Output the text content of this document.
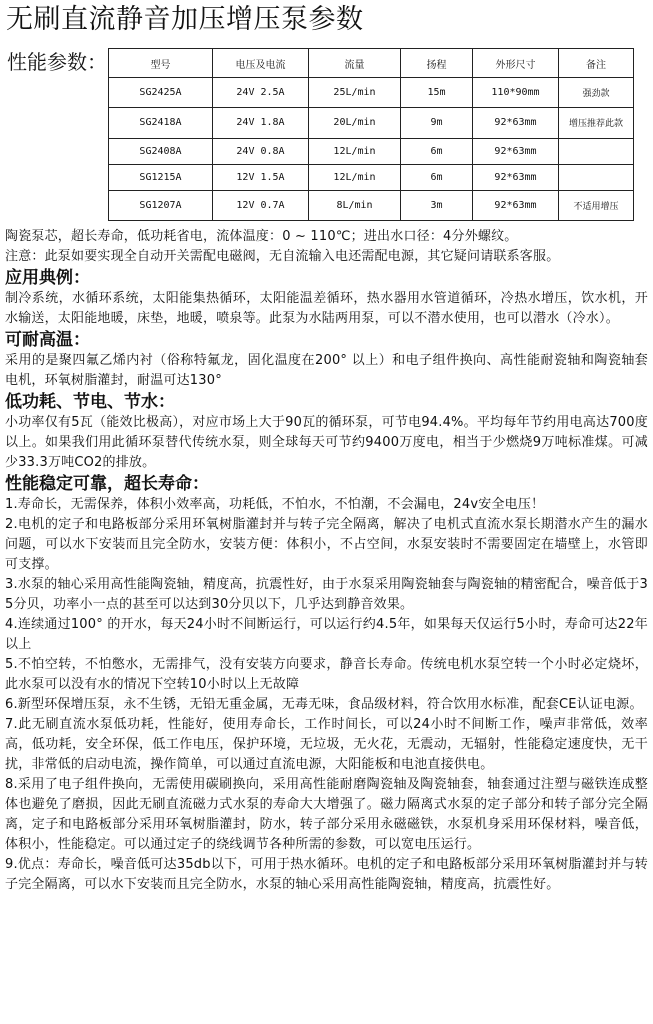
无刷直流静音加压增压泵参数
性能参数：	型号	电压及电流	流量	扬程	外形尺寸	备注
SG2425A	24V 2.5A	25L/min	15m	110*90mm	强劲款
SG2418A	24V 1.8A	20L/min	9m	92*63mm	增压推荐此款
SG2408A	24V 0.8A	12L/min	6m	92*63mm	
SG1215A	12V 1.5A	12L/min	6m	92*63mm	
SG1207A	12V 0.7A	8L/min	3m	92*63mm	不适用增压

陶瓷泵芯，超长寿命，低功耗省电，流体温度：0 ~ 110℃；进出水口径：4分外螺纹。

注意：此泵如要实现全自动开关需配电磁阀，无自流输入电还需配电源，其它疑问请联系客服。

应用典例：

制冷系统，水循环系统，太阳能集热循环，太阳能温差循环，热水器用水管道循环，冷热水增压，饮水机，开水输送，太阳能地暖，床垫，地暖，喷泉等。此泵为水陆两用泵，可以不潜水使用，也可以潜水（冷水）。

可耐高温：

采用的是聚四氟乙烯内衬（俗称特氟龙，固化温度在200° 以上）和电子组件换向、高性能耐瓷轴和陶瓷轴套电机，环氧树脂灌封，耐温可达130°

低功耗、节电、节水：

小功率仅有5瓦（能效比极高），对应市场上大于90瓦的循环泵，可节电94.4%。平均每年节约用电高达700度以上。如果我们用此循环泵替代传统水泵，则全球每天可节约9400万度电，相当于少燃烧9万吨标准煤。可减少33.3万吨CO2的排放。

性能稳定可靠，超长寿命：

1.寿命长，无需保养，体积小效率高，功耗低，不怕水，不怕潮，不会漏电，24v安全电压！

2.电机的定子和电路板部分采用环氧树脂灌封并与转子完全隔离，解决了电机式直流水泵长期潜水产生的漏水问题，可以水下安装而且完全防水，安装方便：体积小，不占空间，水泵安装时不需要固定在墙壁上，水管即可支撑。

3.水泵的轴心采用高性能陶瓷轴，精度高，抗震性好，由于水泵采用陶瓷轴套与陶瓷轴的精密配合，噪音低于35分贝，功率小一点的甚至可以达到30分贝以下，几乎达到静音效果。

4.连续通过100° 的开水，每天24小时不间断运行，可以运行约4.5年，如果每天仅运行5小时，寿命可达22年以上

5.不怕空转，不怕憋水，无需排气，没有安装方向要求，静音长寿命。传统电机水泵空转一个小时必定烧坏，此水泵可以没有水的情况下空转10小时以上无故障

6.新型环保增压泵，永不生锈，无铅无重金属，无毒无味，食品级材料，符合饮用水标准，配套CE认证电源。

7.此无刷直流水泵低功耗，性能好，使用寿命长，工作时间长，可以24小时不间断工作，噪声非常低，效率高，低功耗，安全环保，低工作电压，保护环境，无垃圾，无火花，无震动，无辐射，性能稳定速度快，无干扰，非常低的启动电流，操作简单，可以通过直流电源，大阳能板和电池直接供电。

8.采用了电子组件换向，无需使用碳刷换向，采用高性能耐磨陶瓷轴及陶瓷轴套，轴套通过注塑与磁铁连成整体也避免了磨损，因此无刷直流磁力式水泵的寿命大大增强了。磁力隔离式水泵的定子部分和转子部分完全隔离，定子和电路板部分采用环氧树脂灌封，防水，转子部分采用永磁磁铁，水泵机身采用环保材料，噪音低，体积小，性能稳定。可以通过定子的绕线调节各种所需的参数，可以宽电压运行。

9.优点：寿命长，噪音低可达35db以下，可用于热水循环。电机的定子和电路板部分采用环氧树脂灌封并与转子完全隔离，可以水下安装而且完全防水，水泵的轴心采用高性能陶瓷轴，精度高，抗震性好。
